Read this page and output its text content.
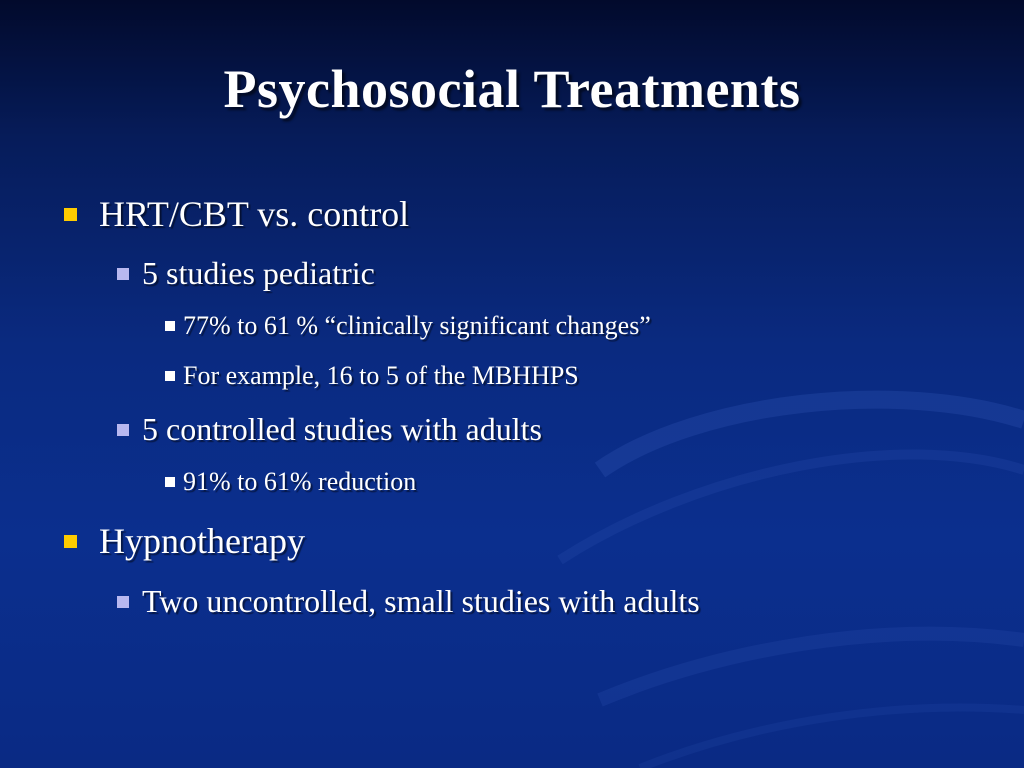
Psychosocial Treatments
HRT/CBT vs. control
5 studies pediatric
77% to 61 % “clinically significant changes”
For example, 16 to 5 of the MBHHPS
5 controlled studies with adults
91% to 61% reduction
Hypnotherapy
Two uncontrolled, small studies with adults
